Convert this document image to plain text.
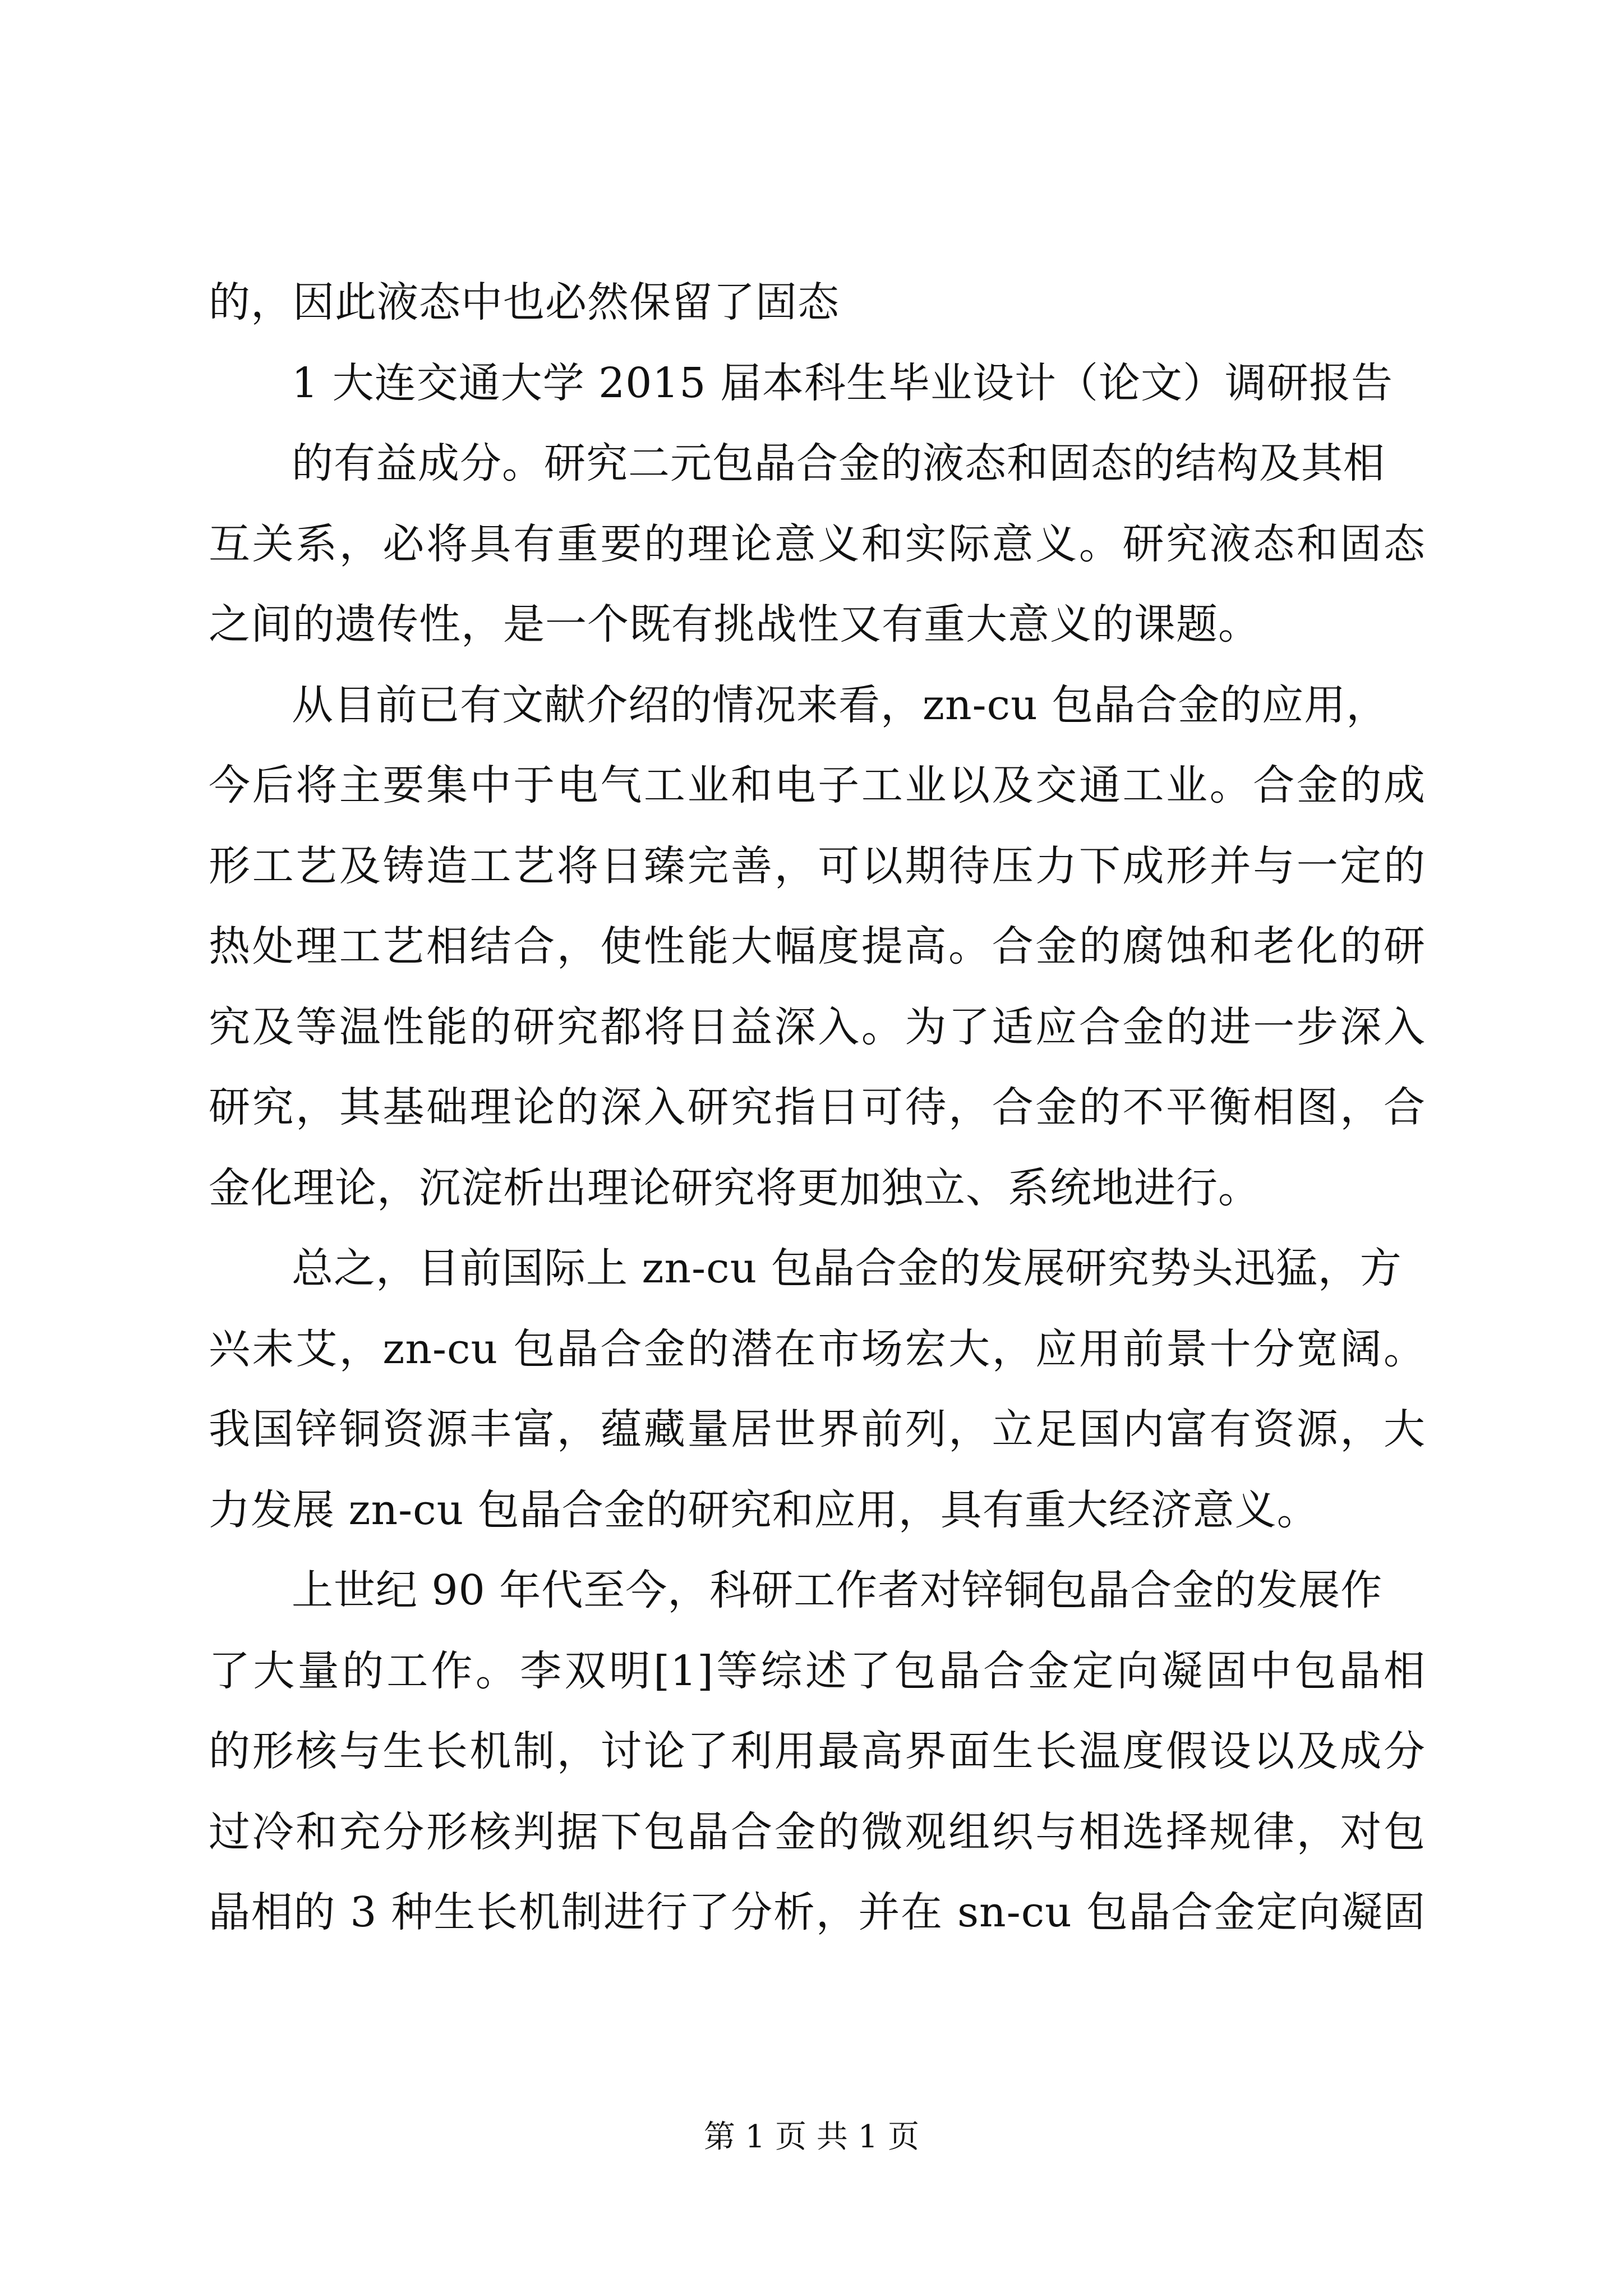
的，因此液态中也必然保留了固态
1 大连交通大学 2015 届本科生毕业设计（论文）调研报告
的有益成分。研究二元包晶合金的液态和固态的结构及其相
互关系，必将具有重要的理论意义和实际意义。研究液态和固态
之间的遗传性，是一个既有挑战性又有重大意义的课题。
从目前已有文献介绍的情况来看，zn-cu 包晶合金的应用，
今后将主要集中于电气工业和电子工业以及交通工业。合金的成
形工艺及铸造工艺将日臻完善，可以期待压力下成形并与一定的
热处理工艺相结合，使性能大幅度提高。合金的腐蚀和老化的研
究及等温性能的研究都将日益深入。为了适应合金的进一步深入
研究，其基础理论的深入研究指日可待，合金的不平衡相图，合
金化理论，沉淀析出理论研究将更加独立、系统地进行。
总之，目前国际上 zn-cu 包晶合金的发展研究势头迅猛，方
兴未艾，zn-cu 包晶合金的潜在市场宏大，应用前景十分宽阔。
我国锌铜资源丰富，蕴藏量居世界前列，立足国内富有资源，大
力发展 zn-cu 包晶合金的研究和应用，具有重大经济意义。
上世纪 90 年代至今，科研工作者对锌铜包晶合金的发展作
了大量的工作。李双明[1]等综述了包晶合金定向凝固中包晶相
的形核与生长机制，讨论了利用最高界面生长温度假设以及成分
过冷和充分形核判据下包晶合金的微观组织与相选择规律，对包
晶相的 3 种生长机制进行了分析，并在 sn-cu 包晶合金定向凝固
第 1 页 共 1 页
